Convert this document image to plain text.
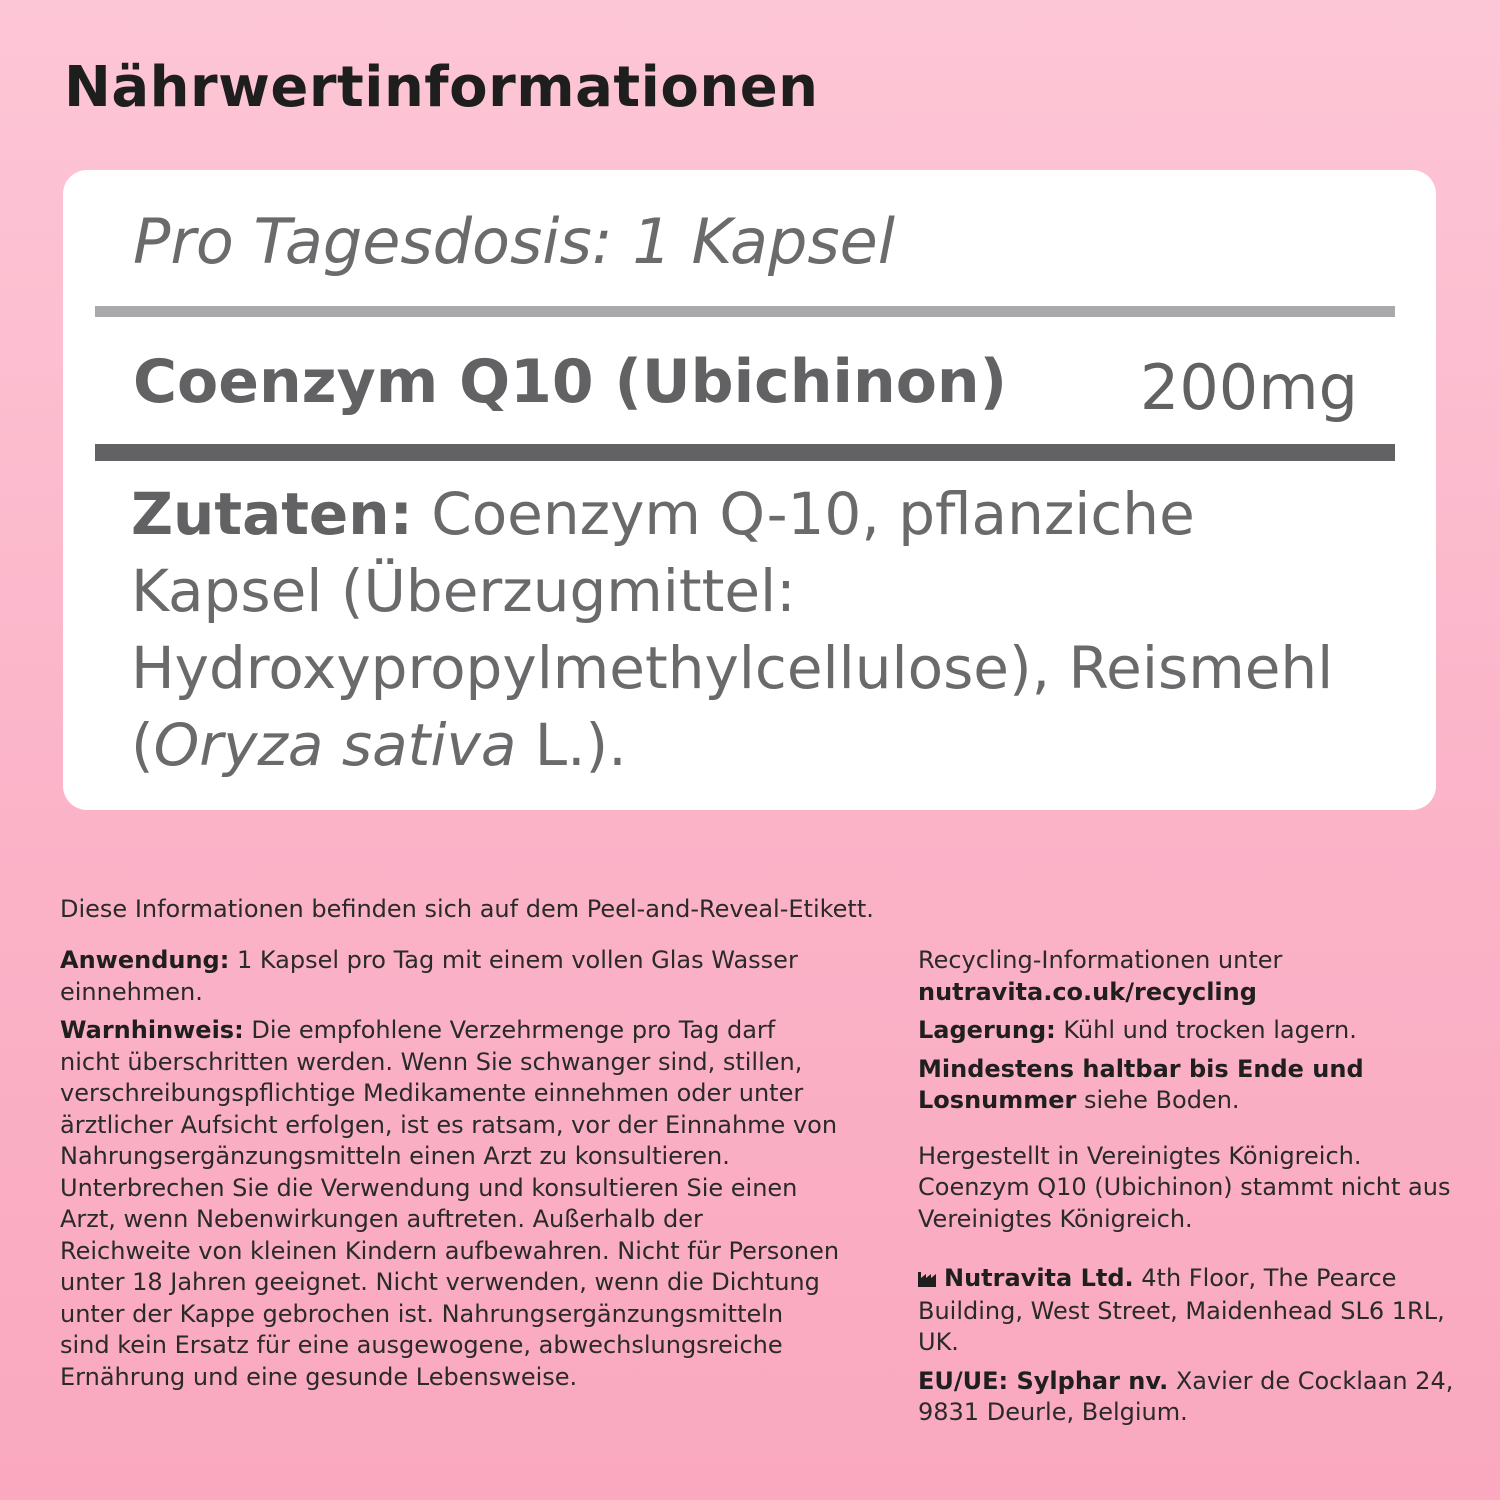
Nährwertinformationen
Pro Tagesdosis: 1 Kapsel
Coenzym Q10 (Ubichinon) 200mg
Zutaten: Coenzym Q-10, pflanziche Kapsel (Überzugmittel: Hydroxypropylmethylcellulose), Reismehl (Oryza sativa L.).
Diese Informationen befinden sich auf dem Peel-and-Reveal-Etikett.

Anwendung: 1 Kapsel pro Tag mit einem vollen Glas Wasser einnehmen.

Warnhinweis: Die empfohlene Verzehrmenge pro Tag darf nicht überschritten werden. Wenn Sie schwanger sind, stillen, verschreibungspflichtige Medikamente einnehmen oder unter ärztlicher Aufsicht erfolgen, ist es ratsam, vor der Einnahme von Nahrungsergänzungsmitteln einen Arzt zu konsultieren. Unterbrechen Sie die Verwendung und konsultieren Sie einen Arzt, wenn Nebenwirkungen auftreten. Außerhalb der Reichweite von kleinen Kindern aufbewahren. Nicht für Personen unter 18 Jahren geeignet. Nicht verwenden, wenn die Dichtung unter der Kappe gebrochen ist. Nahrungsergänzungsmitteln sind kein Ersatz für eine ausgewogene, abwechslungsreiche Ernährung und eine gesunde Lebensweise.

Recycling-Informationen unter
nutravita.co.uk/recycling

Lagerung: Kühl und trocken lagern.

Mindestens haltbar bis Ende und Losnummer siehe Boden.

Hergestellt in Vereinigtes Königreich. Coenzym Q10 (Ubichinon) stammt nicht aus Vereinigtes Königreich.

Nutravita Ltd. 4th Floor, The Pearce Building, West Street, Maidenhead SL6 1RL, UK.

EU/UE: Sylphar nv. Xavier de Cocklaan 24, 9831 Deurle, Belgium.
